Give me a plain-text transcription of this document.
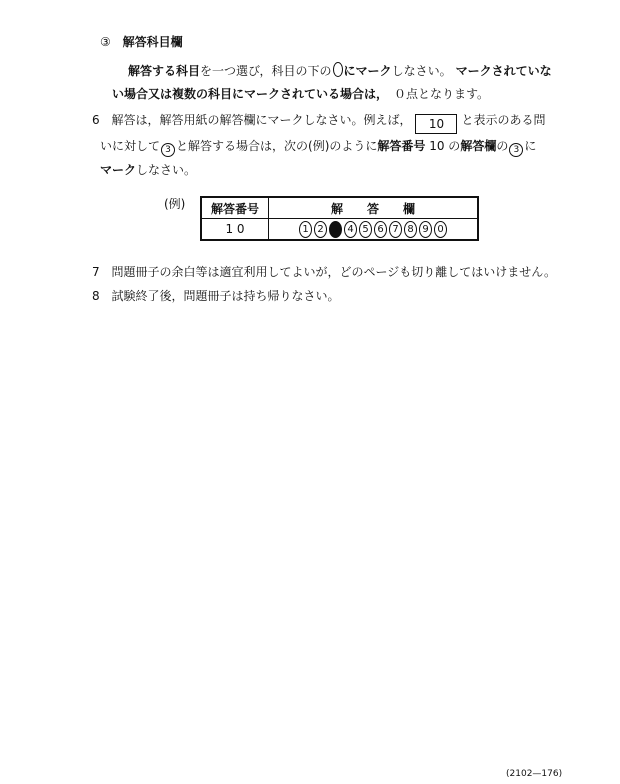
③ 解答科目欄
解答する科目を一つ選び，科目の下の にマークしなさい。 マークされていな
い場合又は複数の科目にマークされている場合は， ０点となります。
6 解答は，解答用紙の解答欄にマークしなさい。例えば， 10 と表示のある問
いに対して 3 と解答する場合は，次の(例)のように解答番号 10 の解答欄の 3 に
マークしなさい。
(例) 解答番号	解　　答　　欄
1 0	1 2 3 4 5 6 7 8 9 0
7 問題冊子の余白等は適宜利用してよいが，どのページも切り離してはいけません。
8 試験終了後，問題冊子は持ち帰りなさい。
(2102—176)
